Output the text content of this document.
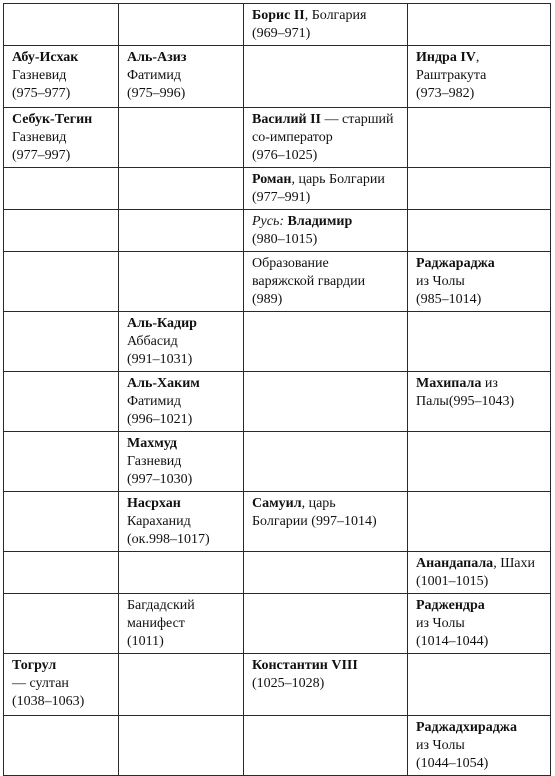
		Борис II, Болгария
(969–971)	

Абу-Исхак
Газневид
(975–977)	Аль-Азиз
Фатимид
(975–996)		Индра IV,
Раштракута
(973–982)

Себук-Тегин
Газневид
(977–997)		Василий II — старший
со-император
(976–1025)	

		Роман, царь Болгарии
(977–991)	

		Русь: Владимир
(980–1015)	

		Образование
варяжской гвардии
(989)	Раджараджа
из Чолы
(985–1014)

	Аль-Кадир
Аббасид
(991–1031)		

	Аль-Хаким
Фатимид
(996–1021)		Махипала из
Палы(995–1043)

	Махмуд
Газневид
(997–1030)		

	Насрхан
Караханид
(ок.998–1017)	Самуил, царь
Болгарии (997–1014)	

			Анандапала, Шахи
(1001–1015)

	Багдадский
манифест
(1011)		Раджендра
из Чолы
(1014–1044)

Тогрул
— султан
(1038–1063)		Константин VIII
(1025–1028)	

			Раджадхираджа
из Чолы
(1044–1054)
